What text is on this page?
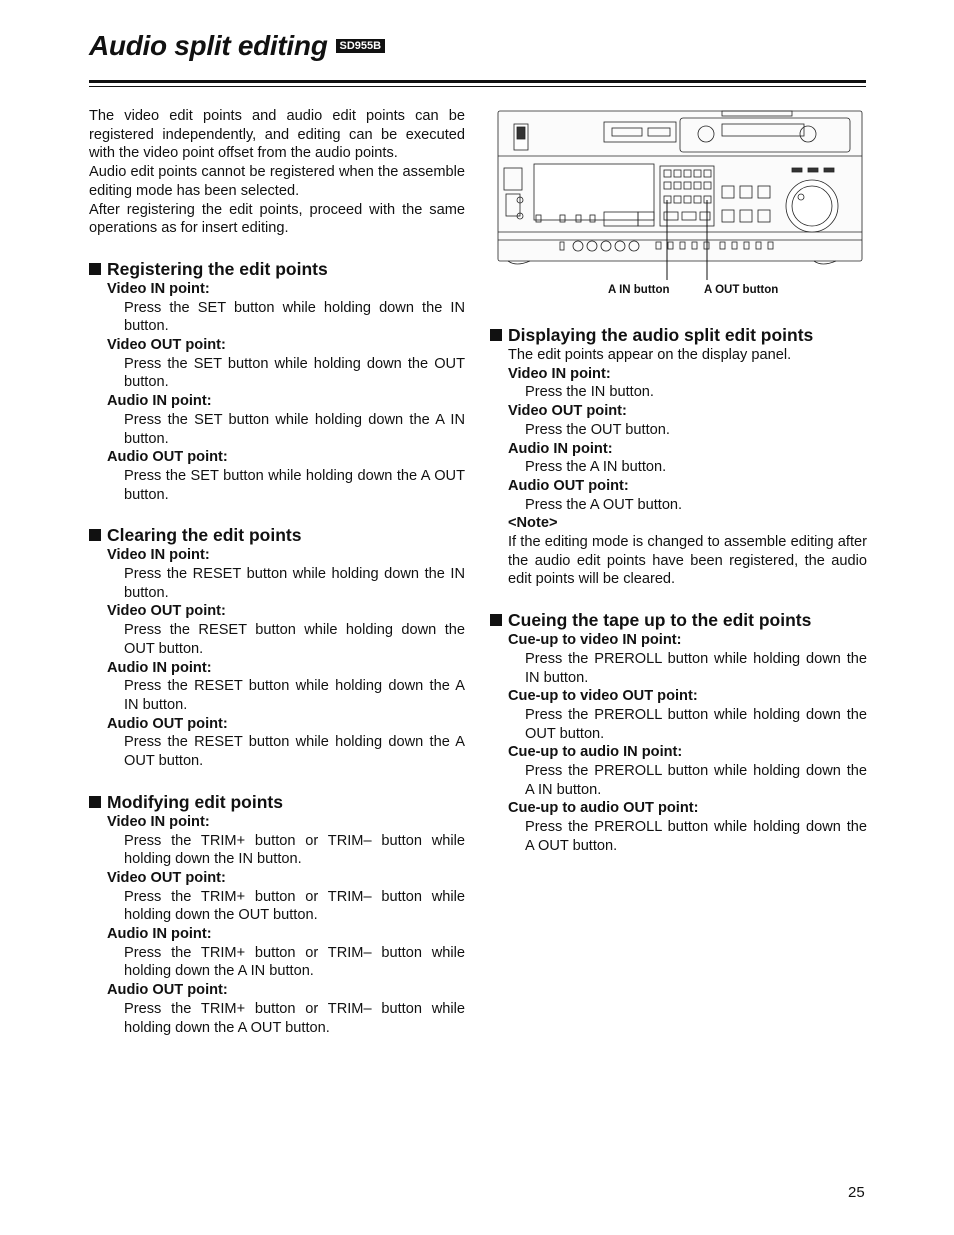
Audio split editing	SD955B

The video edit points and audio edit points can be registered independently, and editing can be executed with the video point offset from the audio points.

Audio edit points cannot be registered when the assemble editing mode has been selected.

After registering the edit points, proceed with the same operations as for insert editing.

Registering the edit points
Video IN point:
Press the SET button while holding down the IN button.
Video OUT point:
Press the SET button while holding down the OUT button.
Audio IN point:
Press the SET button while holding down the A IN button.
Audio OUT point:
Press the SET button while holding down the A OUT button.
Clearing the edit points
Video IN point:
Press the RESET button while holding down the IN button.
Video OUT point:
Press the RESET button while holding down the OUT button.
Audio IN point:
Press the RESET button while holding down the A IN button.
Audio OUT point:
Press the RESET button while holding down the A OUT button.
Modifying edit points
Video IN point:
Press the TRIM+ button or TRIM– button while holding down the IN button.
Video OUT point:
Press the TRIM+ button or TRIM– button while holding down the OUT button.
Audio IN point:
Press the TRIM+ button or TRIM– button while holding down the A IN button.
Audio OUT point:
Press the TRIM+ button or TRIM– button while holding down the A OUT button.
A IN button	A OUT button
Displaying the audio split edit points
The edit points appear on the display panel.
Video IN point:
Press the IN button.
Video OUT point:
Press the OUT button.
Audio IN point:
Press the A IN button.
Audio OUT point:
Press the A OUT button.
<Note>
If the editing mode is changed to assemble editing after the audio edit points have been registered, the audio edit points will be cleared.
Cueing the tape up to the edit points
Cue-up to video IN point:
Press the PREROLL button while holding down the IN button.
Cue-up to video OUT point:
Press the PREROLL button while holding down the OUT button.
Cue-up to audio IN point:
Press the PREROLL button while holding down the A IN button.
Cue-up to audio OUT point:
Press the PREROLL button while holding down the A OUT button.
25
